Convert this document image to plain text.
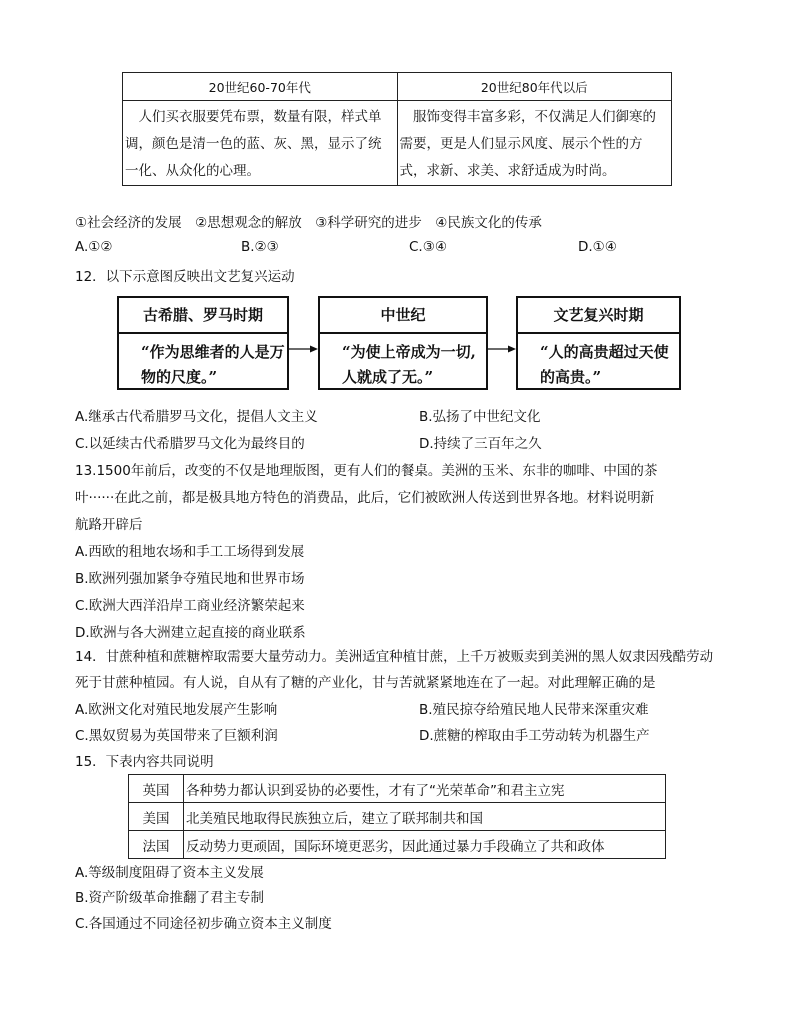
20世纪60-70年代	20世纪80年代以后
人们买衣服要凭布票，数量有限，样式单调，颜色是清一色的蓝、灰、黑，显示了统一化、从众化的心理。	服饰变得丰富多彩，不仅满足人们御寒的需要，更是人们显示风度、展示个性的方式，求新、求美、求舒适成为时尚。
①社会经济的发展　②思想观念的解放　③科学研究的进步　④民族文化的传承
A.①②	B.②③	C.③④	D.①④
12．以下示意图反映出文艺复兴运动
古希腊、罗马时期
“作为思维者的人是万物的尺度。”
中世纪
“为使上帝成为一切,人就成了无。”
文艺复兴时期
“人的高贵超过天使的高贵。”
A.继承古代希腊罗马文化，提倡人文主义	B.弘扬了中世纪文化
C.以延续古代希腊罗马文化为最终目的	D.持续了三百年之久
13.1500年前后，改变的不仅是地理版图，更有人们的餐桌。美洲的玉米、东非的咖啡、中国的茶
叶······在此之前，都是极具地方特色的消费品，此后，它们被欧洲人传送到世界各地。材料说明新
航路开辟后
A.西欧的租地农场和手工工场得到发展
B.欧洲列强加紧争夺殖民地和世界市场
C.欧洲大西洋沿岸工商业经济繁荣起来
D.欧洲与各大洲建立起直接的商业联系
14．甘蔗种植和蔗糖榨取需要大量劳动力。美洲适宜种植甘蔗，上千万被贩卖到美洲的黑人奴隶因残酷劳动
死于甘蔗种植园。有人说，自从有了糖的产业化，甘与苦就紧紧地连在了一起。对此理解正确的是
A.欧洲文化对殖民地发展产生影响	B.殖民掠夺给殖民地人民带来深重灾难
C.黑奴贸易为英国带来了巨额利润	D.蔗糖的榨取由手工劳动转为机器生产
15．下表内容共同说明
英国	各种势力都认识到妥协的必要性，才有了“光荣革命”和君主立宪
美国	北美殖民地取得民族独立后，建立了联邦制共和国
法国	反动势力更顽固，国际环境更恶劣，因此通过暴力手段确立了共和政体
A.等级制度阻碍了资本主义发展
B.资产阶级革命推翻了君主专制
C.各国通过不同途径初步确立资本主义制度
